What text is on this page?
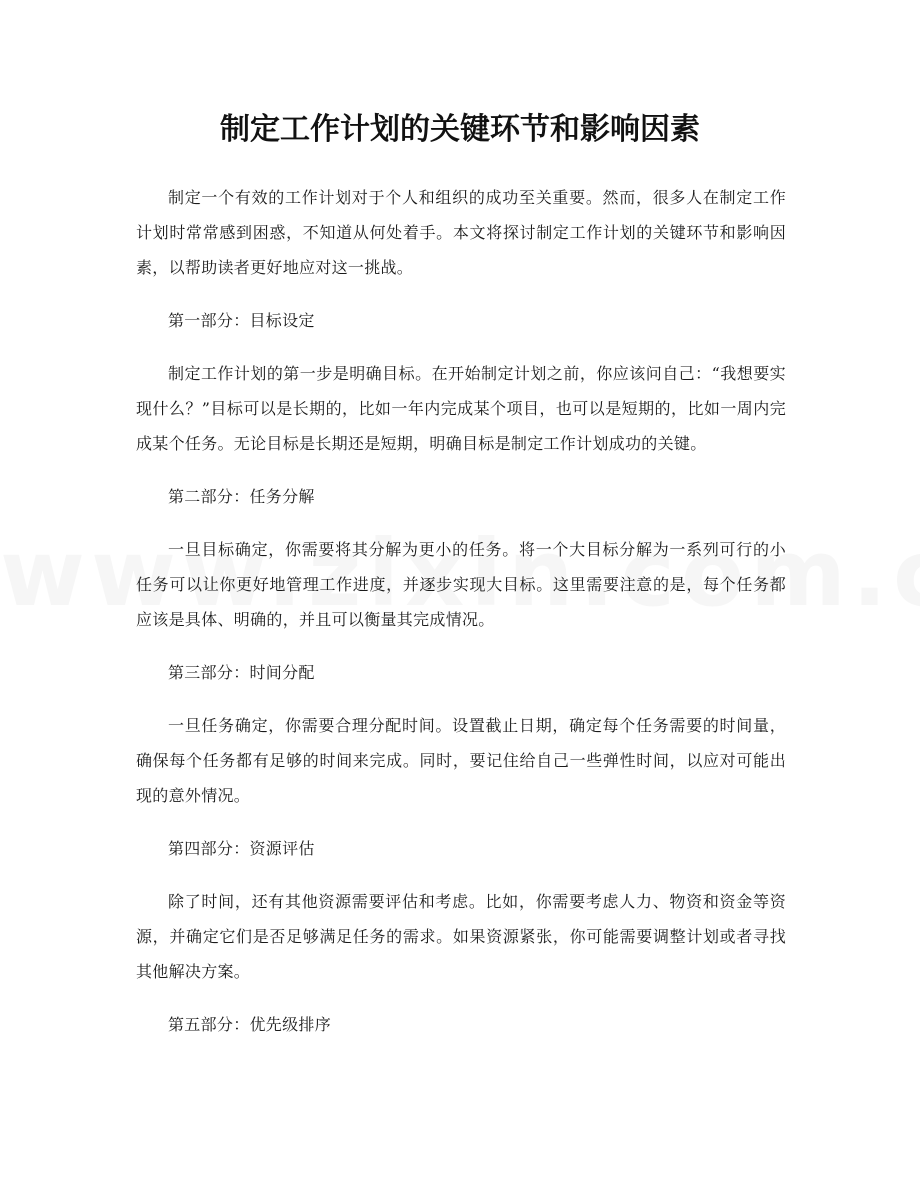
制定工作计划的关键环节和影响因素

制定一个有效的工作计划对于个人和组织的成功至关重要。然而，很多人在制定工作计划时常常感到困惑，不知道从何处着手。本文将探讨制定工作计划的关键环节和影响因素，以帮助读者更好地应对这一挑战。

第一部分：目标设定

制定工作计划的第一步是明确目标。在开始制定计划之前，你应该问自己：“我想要实现什么？”目标可以是长期的，比如一年内完成某个项目，也可以是短期的，比如一周内完成某个任务。无论目标是长期还是短期，明确目标是制定工作计划成功的关键。

第二部分：任务分解

一旦目标确定，你需要将其分解为更小的任务。将一个大目标分解为一系列可行的小任务可以让你更好地管理工作进度，并逐步实现大目标。这里需要注意的是，每个任务都应该是具体、明确的，并且可以衡量其完成情况。

第三部分：时间分配

一旦任务确定，你需要合理分配时间。设置截止日期，确定每个任务需要的时间量，确保每个任务都有足够的时间来完成。同时，要记住给自己一些弹性时间，以应对可能出现的意外情况。

第四部分：资源评估

除了时间，还有其他资源需要评估和考虑。比如，你需要考虑人力、物资和资金等资源，并确定它们是否足够满足任务的需求。如果资源紧张，你可能需要调整计划或者寻找其他解决方案。

第五部分：优先级排序
